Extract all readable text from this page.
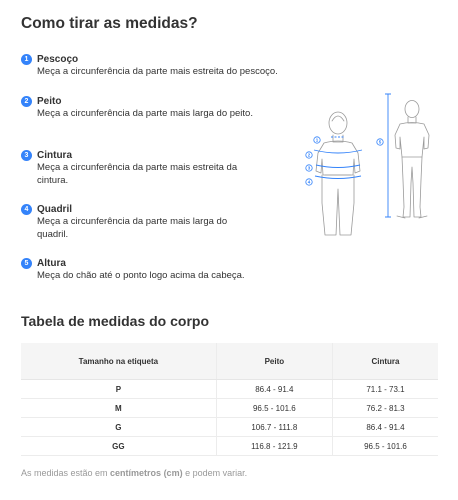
Como tirar as medidas?
1 Pescoço
Meça a circunferência da parte mais estreita do pescoço.
2 Peito
Meça a circunferência da parte mais larga do peito.
3 Cintura
Meça a circunferência da parte mais estreita da cintura.
4 Quadril
Meça a circunferência da parte mais larga do quadril.
5 Altura
Meça do chão até o ponto logo acima da cabeça.
1
2
3
4
5
Tabela de medidas do corpo
Tamanho na etiqueta	Peito	Cintura
P	86.4 - 91.4	71.1 - 73.1
M	96.5 - 101.6	76.2 - 81.3
G	106.7 - 111.8	86.4 - 91.4
GG	116.8 - 121.9	96.5 - 101.6
As medidas estão em centímetros (cm) e podem variar.
